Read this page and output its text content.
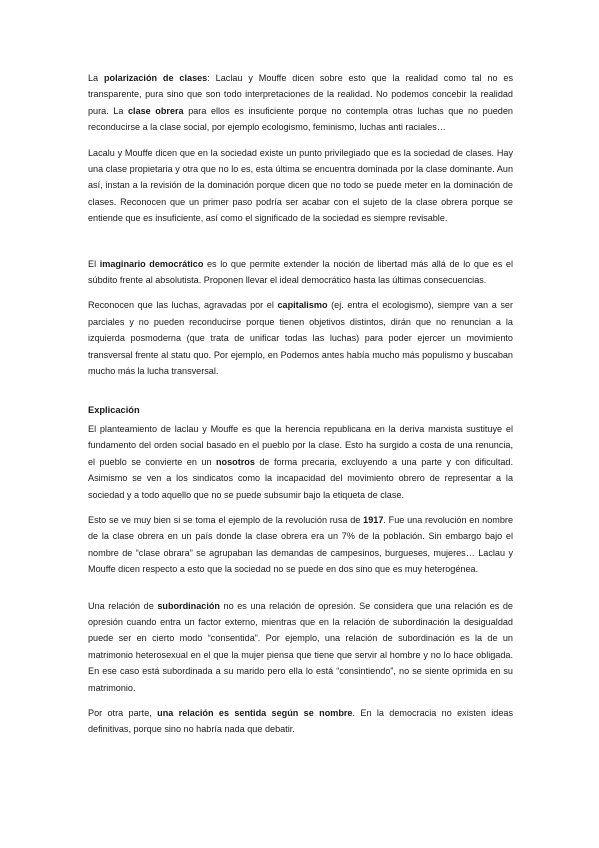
La polarización de clases: Laclau y Mouffe dicen sobre esto que la realidad como tal no es transparente, pura sino que son todo interpretaciones de la realidad. No podemos concebir la realidad pura. La clase obrera para ellos es insuficiente porque no contempla otras luchas que no pueden reconducirse a la clase social, por ejemplo ecologismo, feminismo, luchas anti raciales…

Lacalu y Mouffe dicen que en la sociedad existe un punto privilegiado que es la sociedad de clases. Hay una clase propietaria y otra que no lo es, esta última se encuentra dominada por la clase dominante. Aun así, instan a la revisión de la dominación porque dicen que no todo se puede meter en la dominación de clases. Reconocen que un primer paso podría ser acabar con el sujeto de la clase obrera porque se entiende que es insuficiente, así como el significado de la sociedad es siempre revisable.

El imaginario democrático es lo que permite extender la noción de libertad más allá de lo que es el súbdito frente al absolutista. Proponen llevar el ideal democrático hasta las últimas consecuencias.

Reconocen que las luchas, agravadas por el capitalismo (ej. entra el ecologismo), siempre van a ser parciales y no pueden reconducirse porque tienen objetivos distintos, dirán que no renuncian a la izquierda posmoderna (que trata de unificar todas las luchas) para poder ejercer un movimiento transversal frente al statu quo. Por ejemplo, en Podemos antes había mucho más populismo y buscaban mucho más la lucha transversal.

Explicación

El planteamiento de laclau y Mouffe es que la herencia republicana en la deriva marxista sustituye el fundamento del orden social basado en el pueblo por la clase. Esto ha surgido a costa de una renuncia, el pueblo se convierte en un nosotros de forma precaria, excluyendo a una parte y con dificultad. Asimismo se ven a los sindicatos como la incapacidad del movimiento obrero de representar a la sociedad y a todo aquello que no se puede subsumir bajo la etiqueta de clase.

Esto se ve muy bien si se toma el ejemplo de la revolución rusa de 1917. Fue una revolución en nombre de la clase obrera en un país donde la clase obrera era un 7% de la población. Sin embargo bajo el nombre de “clase obrara” se agrupaban las demandas de campesinos, burgueses, mujeres… Laclau y Mouffe dicen respecto a esto que la sociedad no se puede en dos sino que es muy heterogénea.

Una relación de subordinación no es una relación de opresión. Se considera que una relación es de opresión cuando entra un factor externo, mientras que en la relación de subordinación la desigualdad puede ser en cierto modo “consentida”. Por ejemplo, una relación de subordinación es la de un matrimonio heterosexual en el que la mujer piensa que tiene que servir al hombre y no lo hace obligada. En ese caso está subordinada a su marido pero ella lo está “consintiendo”, no se siente oprimida en su matrimonio.

Por otra parte, una relación es sentida según se nombre. En la democracia no existen ideas definitivas, porque sino no habría nada que debatir.
